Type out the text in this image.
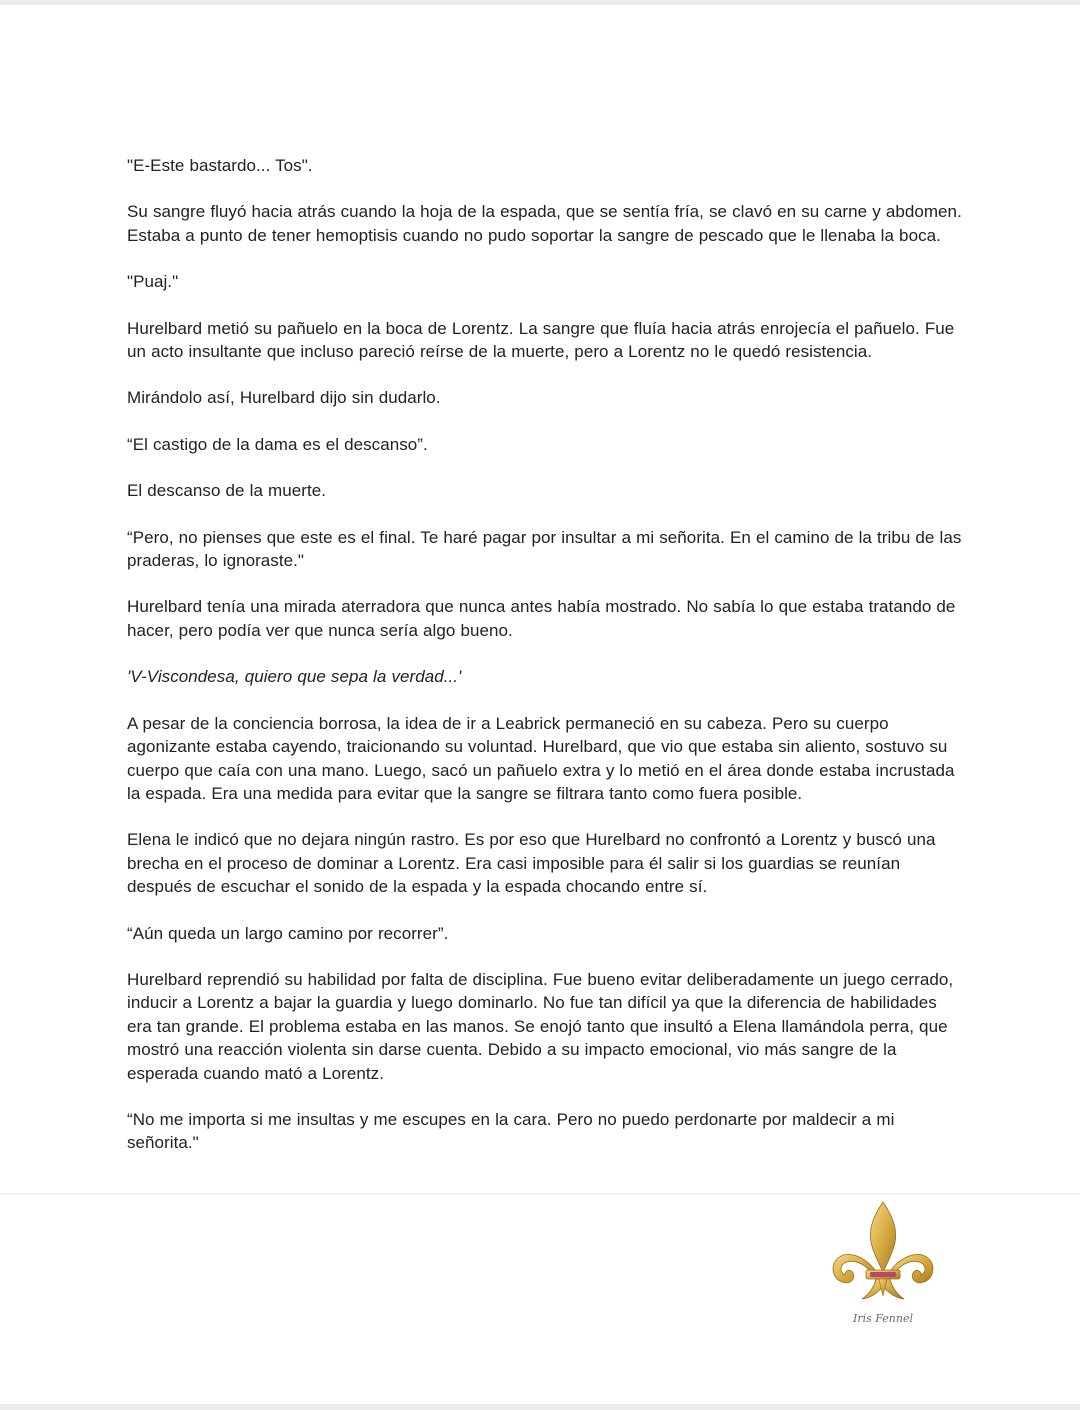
"E-Este bastardo... Tos".

Su sangre fluyó hacia atrás cuando la hoja de la espada, que se sentía fría, se clavó en su carne y abdomen. Estaba a punto de tener hemoptisis cuando no pudo soportar la sangre de pescado que le llenaba la boca.

"Puaj."

Hurelbard metió su pañuelo en la boca de Lorentz. La sangre que fluía hacia atrás enrojecía el pañuelo. Fue un acto insultante que incluso pareció reírse de la muerte, pero a Lorentz no le quedó resistencia.

Mirándolo así, Hurelbard dijo sin dudarlo.

“El castigo de la dama es el descanso”.

El descanso de la muerte.

“Pero, no pienses que este es el final. Te haré pagar por insultar a mi señorita. En el camino de la tribu de las praderas, lo ignoraste."

Hurelbard tenía una mirada aterradora que nunca antes había mostrado. No sabía lo que estaba tratando de hacer, pero podía ver que nunca sería algo bueno.

'V-Viscondesa, quiero que sepa la verdad...'

A pesar de la conciencia borrosa, la idea de ir a Leabrick permaneció en su cabeza. Pero su cuerpo agonizante estaba cayendo, traicionando su voluntad. Hurelbard, que vio que estaba sin aliento, sostuvo su cuerpo que caía con una mano. Luego, sacó un pañuelo extra y lo metió en el área donde estaba incrustada la espada. Era una medida para evitar que la sangre se filtrara tanto como fuera posible.

Elena le indicó que no dejara ningún rastro. Es por eso que Hurelbard no confrontó a Lorentz y buscó una brecha en el proceso de dominar a Lorentz. Era casi imposible para él salir si los guardias se reunían después de escuchar el sonido de la espada y la espada chocando entre sí.

“Aún queda un largo camino por recorrer”.

Hurelbard reprendió su habilidad por falta de disciplina. Fue bueno evitar deliberadamente un juego cerrado, inducir a Lorentz a bajar la guardia y luego dominarlo. No fue tan difícil ya que la diferencia de habilidades era tan grande. El problema estaba en las manos. Se enojó tanto que insultó a Elena llamándola perra, que mostró una reacción violenta sin darse cuenta. Debido a su impacto emocional, vio más sangre de la esperada cuando mató a Lorentz.

“No me importa si me insultas y me escupes en la cara. Pero no puedo perdonarte por maldecir a mi señorita."

Iris Fennel
